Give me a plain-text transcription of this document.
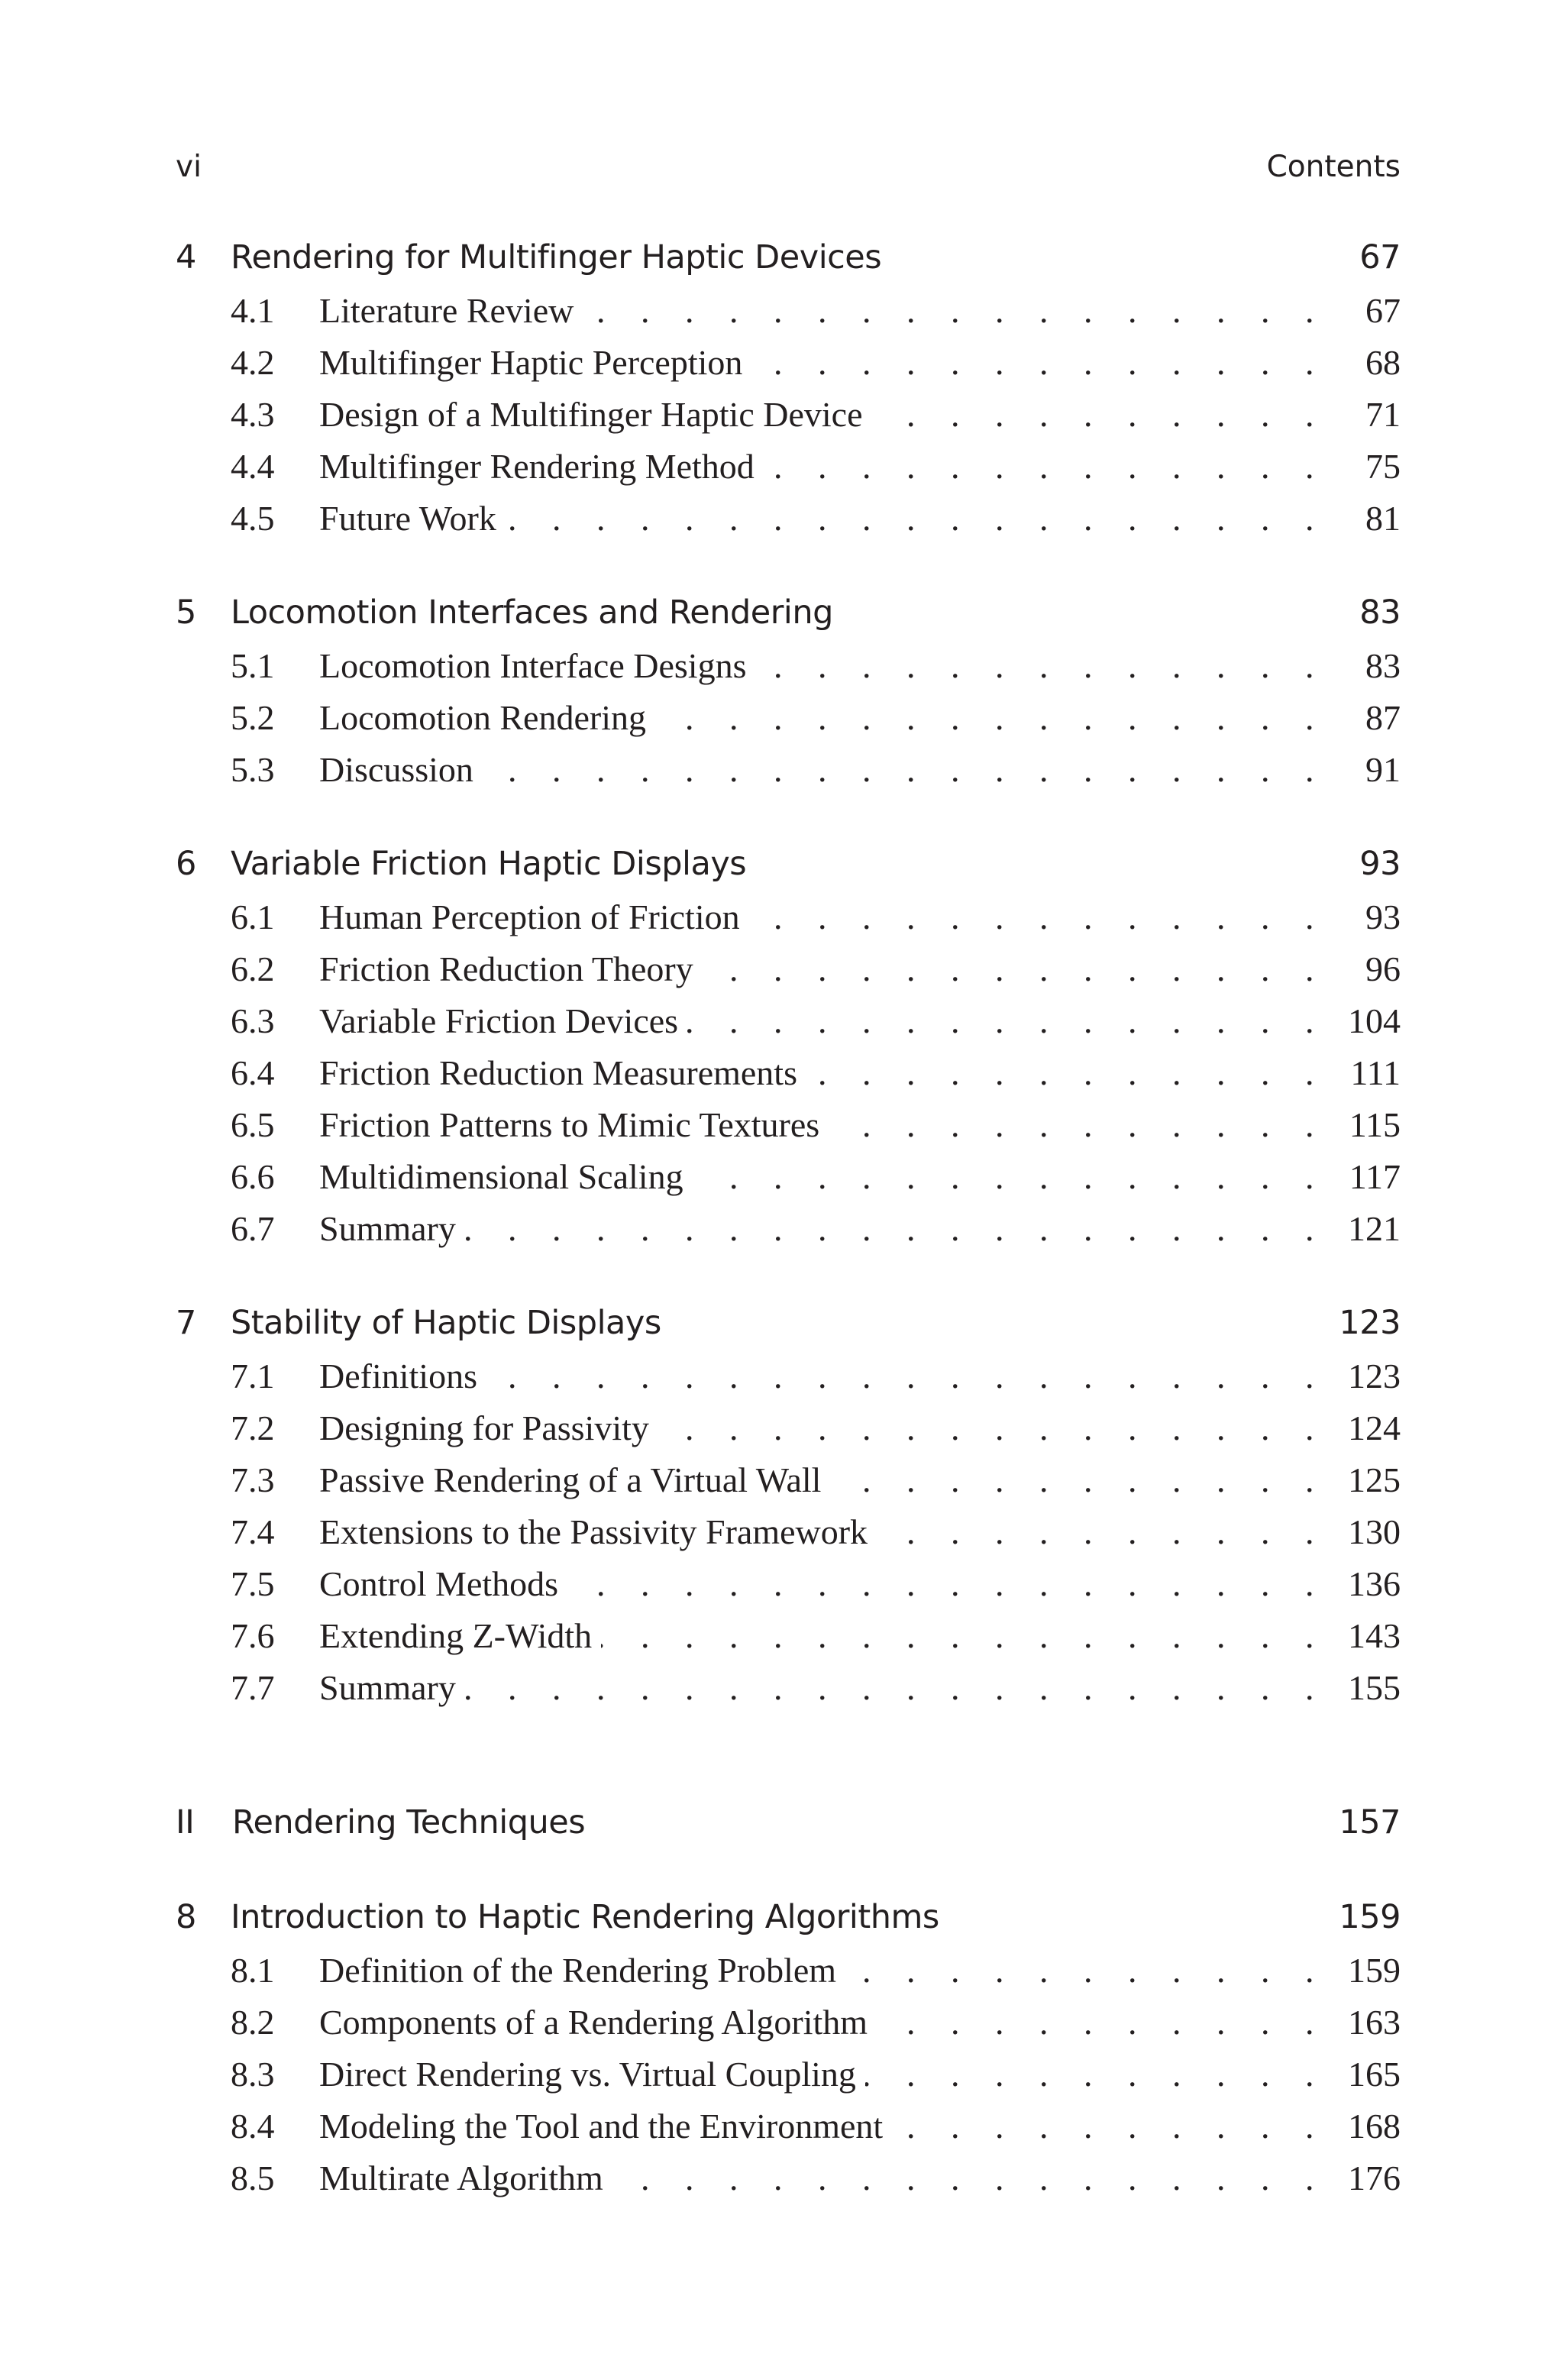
vi	Contents
4	Rendering for Multifinger Haptic Devices	67
4.1	Literature Review . . .	67
4.2	Multifinger Haptic Perception . . .	68
4.3	Design of a Multifinger Haptic Device . . .	71
4.4	Multifinger Rendering Method . . .	75
4.5	Future Work . . .	81
5	Locomotion Interfaces and Rendering	83
5.1	Locomotion Interface Designs . . .	83
5.2	Locomotion Rendering . . .	87
5.3	Discussion . . .	91
6	Variable Friction Haptic Displays	93
6.1	Human Perception of Friction . . .	93
6.2	Friction Reduction Theory . . .	96
6.3	Variable Friction Devices . . .	104
6.4	Friction Reduction Measurements . . .	111
6.5	Friction Patterns to Mimic Textures . . .	115
6.6	Multidimensional Scaling . . .	117
6.7	Summary . . .	121
7	Stability of Haptic Displays	123
7.1	Definitions . . .	123
7.2	Designing for Passivity . . .	124
7.3	Passive Rendering of a Virtual Wall . . .	125
7.4	Extensions to the Passivity Framework . . .	130
7.5	Control Methods . . .	136
7.6	Extending Z-Width . . .	143
7.7	Summary . . .	155
II	Rendering Techniques	157
8	Introduction to Haptic Rendering Algorithms	159
8.1	Definition of the Rendering Problem . . .	159
8.2	Components of a Rendering Algorithm . . .	163
8.3	Direct Rendering vs. Virtual Coupling . . .	165
8.4	Modeling the Tool and the Environment . . .	168
8.5	Multirate Algorithm . . .	176
